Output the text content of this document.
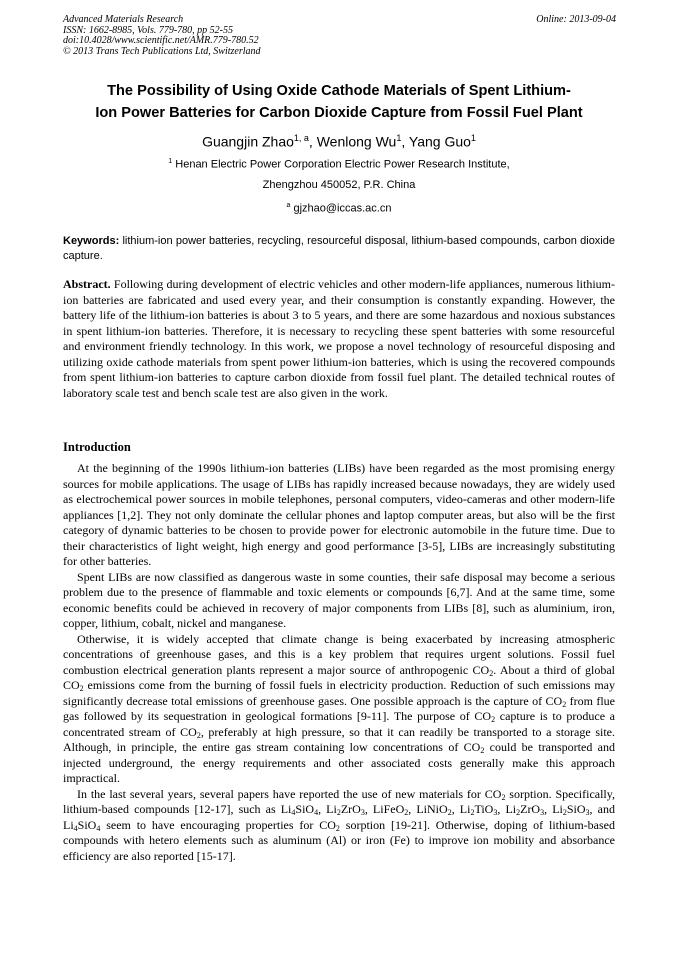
Advanced Materials Research
ISSN: 1662-8985, Vols. 779-780, pp 52-55
doi:10.4028/www.scientific.net/AMR.779-780.52
© 2013 Trans Tech Publications Ltd, Switzerland
Online: 2013-09-04
The Possibility of Using Oxide Cathode Materials of Spent Lithium-
Ion Power Batteries for Carbon Dioxide Capture from Fossil Fuel Plant
Guangjin Zhao$^{1, a}$, Wenlong Wu$^1$, Yang Guo$^1$
$^1$ Henan Electric Power Corporation Electric Power Research Institute,
Zhengzhou 450052, P.R. China
$^a$ gjzhao@iccas.ac.cn
Keywords: lithium-ion power batteries, recycling, resourceful disposal, lithium-based compounds, carbon dioxide capture.
Abstract. Following during development of electric vehicles and other modern-life appliances, numerous lithium-ion batteries are fabricated and used every year, and their consumption is constantly expanding. However, the battery life of the lithium-ion batteries is about 3 to 5 years, and there are some hazardous and noxious substances in spent lithium-ion batteries. Therefore, it is necessary to recycling these spent batteries with some resourceful and environment friendly technology. In this work, we propose a novel technology of resourceful disposing and utilizing oxide cathode materials from spent power lithium-ion batteries, which is using the recovered compounds from spent lithium-ion batteries to capture carbon dioxide from fossil fuel plant. The detailed technical routes of laboratory scale test and bench scale test are also given in the work.
Introduction

At the beginning of the 1990s lithium-ion batteries (LIBs) have been regarded as the most promising energy sources for mobile applications. The usage of LIBs has rapidly increased because nowadays, they are widely used as electrochemical power sources in mobile telephones, personal computers, video-cameras and other modern-life appliances [1,2]. They not only dominate the cellular phones and laptop computer areas, but also will be the first category of dynamic batteries to be chosen to provide power for electronic automobile in the future time. Due to their characteristics of light weight, high energy and good performance [3-5], LIBs are increasingly substituting for other batteries.

Spent LIBs are now classified as dangerous waste in some counties, their safe disposal may become a serious problem due to the presence of flammable and toxic elements or compounds [6,7]. And at the same time, some economic benefits could be achieved in recovery of major components from LIBs [8], such as aluminium, iron, copper, lithium, cobalt, nickel and manganese.

Otherwise, it is widely accepted that climate change is being exacerbated by increasing atmospheric concentrations of greenhouse gases, and this is a key problem that requires urgent solutions. Fossil fuel combustion electrical generation plants represent a major source of anthropogenic $CO_2$. About a third of global $CO_2$ emissions come from the burning of fossil fuels in electricity production. Reduction of such emissions may significantly decrease total emissions of greenhouse gases. One possible approach is the capture of $CO_2$ from flue gas followed by its sequestration in geological formations [9-11]. The purpose of $CO_2$ capture is to produce a concentrated stream of $CO_2$, preferably at high pressure, so that it can readily be transported to a storage site. Although, in principle, the entire gas stream containing low concentrations of $CO_2$ could be transported and injected underground, the energy requirements and other associated costs generally make this approach impractical.

In the last several years, several papers have reported the use of new materials for $CO_2$ sorption. Specifically, lithium-based compounds [12-17], such as $Li_4SiO_4$, $Li_2ZrO_3$, LiFeO$_2$, LiNiO$_2$, $Li_2TiO_3$, $Li_2ZrO_3$, $Li_2SiO_3$, and $Li_4SiO_4$ seem to have encouraging properties for $CO_2$ sorption [19-21]. Otherwise, doping of lithium-based compounds with hetero elements such as aluminum (Al) or iron (Fe) to improve ion mobility and absorbance efficiency are also reported [15-17].
